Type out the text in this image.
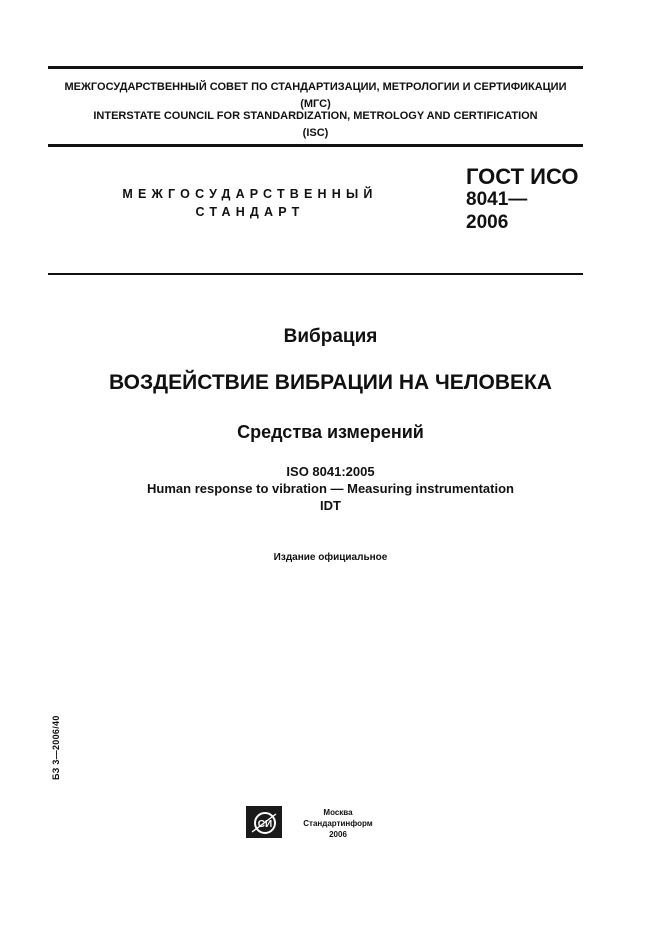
МЕЖГОСУДАРСТВЕННЫЙ СОВЕТ ПО СТАНДАРТИЗАЦИИ, МЕТРОЛОГИИ И СЕРТИФИКАЦИИ
(МГС)
INTERSTATE COUNCIL FOR STANDARDIZATION, METROLOGY AND CERTIFICATION
(ISC)
МЕЖГОСУДАРСТВЕННЫЙ
СТАНДАРТ
ГОСТ ИСО
8041—
2006
Вибрация
ВОЗДЕЙСТВИЕ ВИБРАЦИИ НА ЧЕЛОВЕКА
Средства измерений
ISO 8041:2005
Human response to vibration — Measuring instrumentation
IDT
Издание официальное
БЗ 3—2006/40
СИ
Москва
Стандартинформ
2006
